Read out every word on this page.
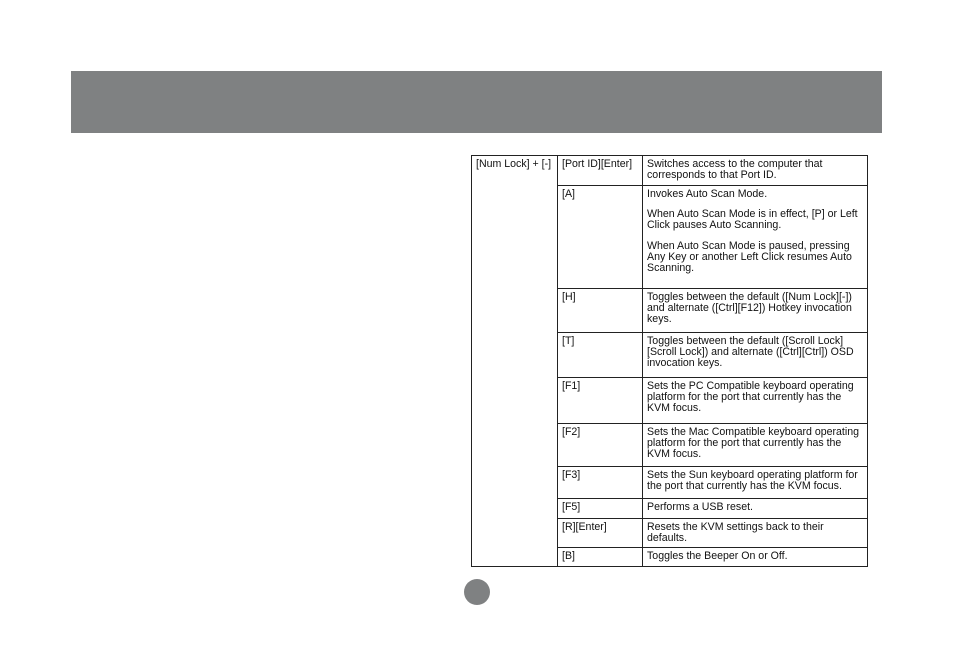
[Num Lock] + [-]	[Port ID][Enter]	Switches access to the computer that corresponds to that Port ID.

	[A]	Invokes Auto Scan Mode.

When Auto Scan Mode is in effect, [P] or Left Click pauses Auto Scanning.

When Auto Scan Mode is paused, pressing Any Key or another Left Click resumes Auto Scanning.

	[H]	Toggles between the default ([Num Lock][-]) and alternate ([Ctrl][F12]) Hotkey invocation keys.

	[T]	Toggles between the default ([Scroll Lock][Scroll Lock]) and alternate ([Ctrl][Ctrl]) OSD invocation keys.

	[F1]	Sets the PC Compatible keyboard operating platform for the port that currently has the KVM focus.

	[F2]	Sets the Mac Compatible keyboard operating platform for the port that currently has the KVM focus.

	[F3]	Sets the Sun keyboard operating platform for the port that currently has the KVM focus.

	[F5]	Performs a USB reset.

	[R][Enter]	Resets the KVM settings back to their defaults.

	[B]	Toggles the Beeper On or Off.
